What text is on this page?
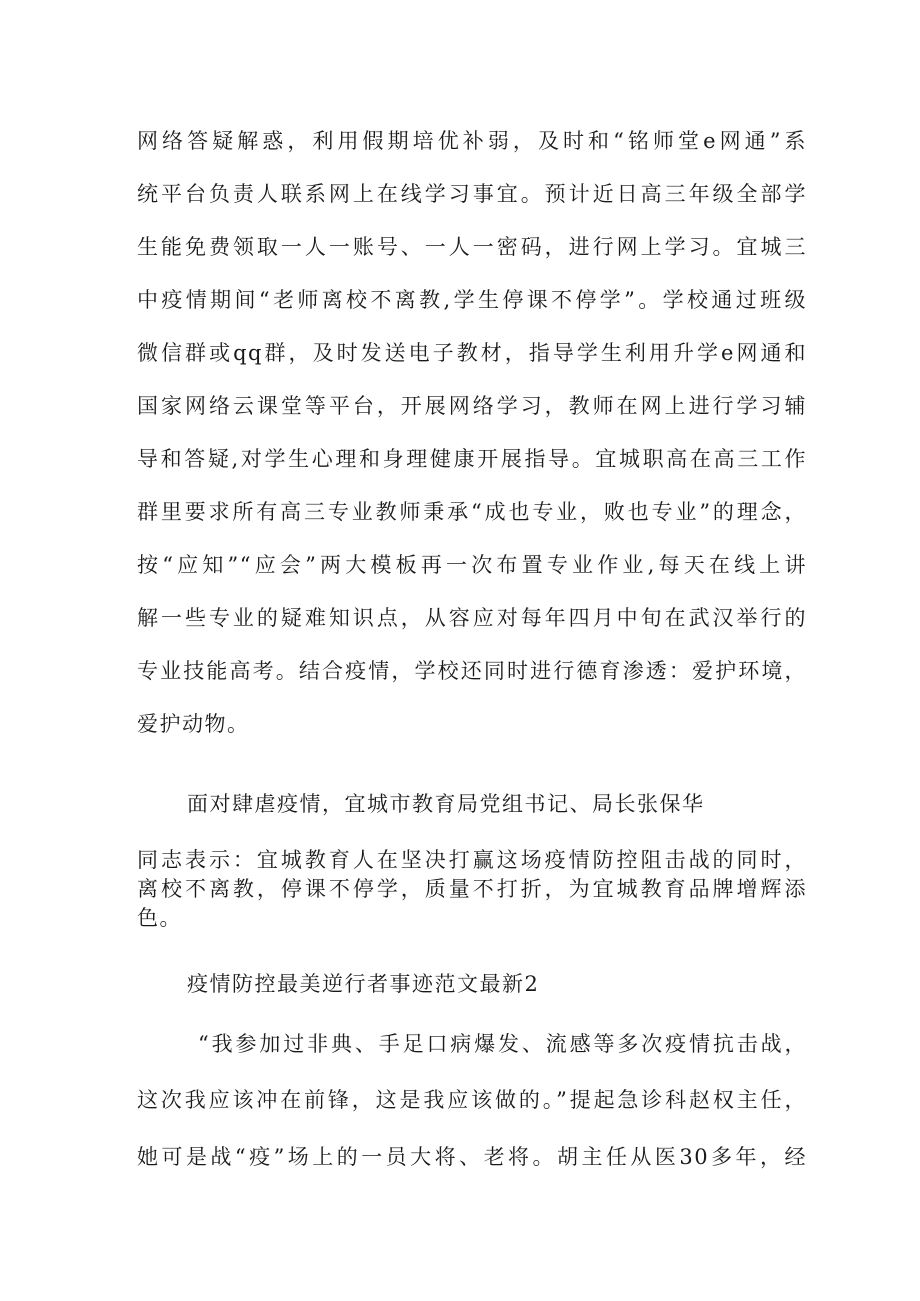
网络答疑解惑，利用假期培优补弱，及时和“铭师堂e网通”系
统平台负责人联系网上在线学习事宜。预计近日高三年级全部学
生能免费领取一人一账号、一人一密码，进行网上学习。宜城三
中疫情期间“老师离校不离教,学生停课不停学”。学校通过班级
微信群或qq群，及时发送电子教材，指导学生利用升学e网通和
国家网络云课堂等平台，开展网络学习，教师在网上进行学习辅
导和答疑,对学生心理和身理健康开展指导。宜城职高在高三工作
群里要求所有高三专业教师秉承“成也专业，败也专业”的理念，
按“应知”“应会”两大模板再一次布置专业作业,每天在线上讲
解一些专业的疑难知识点，从容应对每年四月中旬在武汉举行的
专业技能高考。结合疫情，学校还同时进行德育渗透：爱护环境，
爱护动物。
面对肆虐疫情，宜城市教育局党组书记、局长张保华
同志表示：宜城教育人在坚决打赢这场疫情防控阻击战的同时，
离校不离教，停课不停学，质量不打折，为宜城教育品牌增辉添
色。
疫情防控最美逆行者事迹范文最新2
“我参加过非典、手足口病爆发、流感等多次疫情抗击战，
这次我应该冲在前锋，这是我应该做的。”提起急诊科赵权主任，
她可是战“疫”场上的一员大将、老将。胡主任从医30多年，经
